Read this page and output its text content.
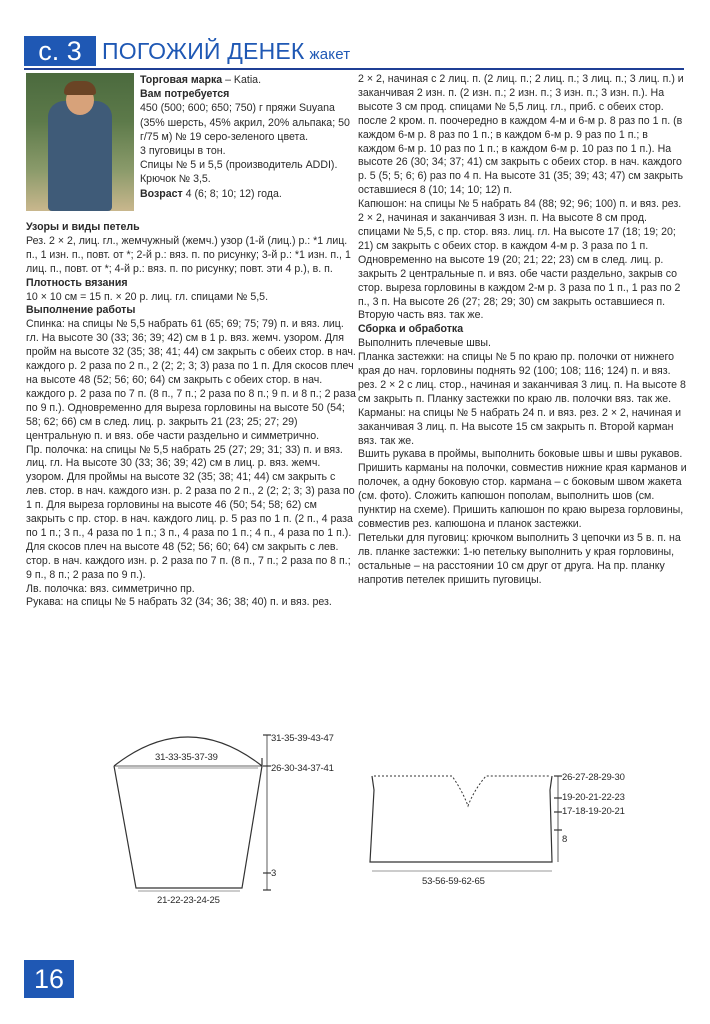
с. 3 ПОГОЖИЙ ДЕНЕК жакет

Торговая марка – Katia.

Вам потребуется

450 (500; 600; 650; 750) г пряжи Suyana (35% шерсть, 45% акрил, 20% альпака; 50 г/75 м) № 19 серо-зеленого цвета.

3 пуговицы в тон.

Спицы № 5 и 5,5 (производитель ADDI).

Крючок № 3,5.

Возраст 4 (6; 8; 10; 12) года.

Узоры и виды петель

Рез. 2 × 2, лиц. гл., жемчужный (жемч.) узор (1-й (лиц.) р.: *1 лиц. п., 1 изн. п., повт. от *; 2-й р.: вяз. п. по рисунку; 3-й р.: *1 изн. п., 1 лиц. п., повт. от *; 4-й р.: вяз. п. по рисунку; повт. эти 4 р.), в. п.

Плотность вязания

10 × 10 см = 15 п. × 20 р. лиц. гл. спицами № 5,5.

Выполнение работы

Спинка: на спицы № 5,5 набрать 61 (65; 69; 75; 79) п. и вяз. лиц. гл. На высоте 30 (33; 36; 39; 42) см в 1 р. вяз. жемч. узором. Для пройм на высоте 32 (35; 38; 41; 44) см закрыть с обеих стор. в нач. каждого р. 2 раза по 2 п., 2 (2; 2; 3; 3) раза по 1 п. Для скосов плеч на высоте 48 (52; 56; 60; 64) см закрыть с обеих стор. в нач. каждого р. 2 раза по 7 п. (8 п., 7 п.; 2 раза по 8 п.; 9 п. и 8 п.; 2 раза по 9 п.). Одновременно для выреза горловины на высоте 50 (54; 58; 62; 66) см в след. лиц. р. закрыть 21 (23; 25; 27; 29) центральную п. и вяз. обе части раздельно и симметрично.

Пр. полочка: на спицы № 5,5 набрать 25 (27; 29; 31; 33) п. и вяз. лиц. гл. На высоте 30 (33; 36; 39; 42) см в лиц. р. вяз. жемч. узором. Для проймы на высоте 32 (35; 38; 41; 44) см закрыть с лев. стор. в нач. каждого изн. р. 2 раза по 2 п., 2 (2; 2; 3; 3) раза по 1 п. Для выреза горловины на высоте 46 (50; 54; 58; 62) см закрыть с пр. стор. в нач. каждого лиц. р. 5 раз по 1 п. (2 п., 4 раза по 1 п.; 3 п., 4 раза по 1 п.; 3 п., 4 раза по 1 п.; 4 п., 4 раза по 1 п.). Для скосов плеч на высоте 48 (52; 56; 60; 64) см закрыть с лев. стор. в нач. каждого изн. р. 2 раза по 7 п. (8 п., 7 п.; 2 раза по 8 п.; 9 п., 8 п.; 2 раза по 9 п.).

Лв. полочка: вяз. симметрично пр.

Рукава: на спицы № 5 набрать 32 (34; 36; 38; 40) п. и вяз. рез.

2 × 2, начиная с 2 лиц. п. (2 лиц. п.; 2 лиц. п.; 3 лиц. п.; 3 лиц. п.) и заканчивая 2 изн. п. (2 изн. п.; 2 изн. п.; 3 изн. п.; 3 изн. п.). На высоте 3 см прод. спицами № 5,5 лиц. гл., приб. с обеих стор. после 2 кром. п. поочередно в каждом 4-м и 6-м р. 8 раз по 1 п. (в каждом 6-м р. 8 раз по 1 п.; в каждом 6-м р. 9 раз по 1 п.; в каждом 6-м р. 10 раз по 1 п.; в каждом 6-м р. 10 раз по 1 п.). На высоте 26 (30; 34; 37; 41) см закрыть с обеих стор. в нач. каждого р. 5 (5; 5; 6; 6) раз по 4 п. На высоте 31 (35; 39; 43; 47) см закрыть оставшиеся 8 (10; 14; 10; 12) п.

Капюшон: на спицы № 5 набрать 84 (88; 92; 96; 100) п. и вяз. рез. 2 × 2, начиная и заканчивая 3 изн. п. На высоте 8 см прод. спицами № 5,5, с пр. стор. вяз. лиц. гл. На высоте 17 (18; 19; 20; 21) см закрыть с обеих стор. в каждом 4-м р. 3 раза по 1 п. Одновременно на высоте 19 (20; 21; 22; 23) см в след. лиц. р. закрыть 2 центральные п. и вяз. обе части раздельно, закрыв со стор. выреза горловины в каждом 2-м р. 3 раза по 1 п., 1 раз по 2 п., 3 п. На высоте 26 (27; 28; 29; 30) см закрыть оставшиеся п. Вторую часть вяз. так же.

Сборка и обработка

Выполнить плечевые швы.

Планка застежки: на спицы № 5 по краю пр. полочки от нижнего края до нач. горловины поднять 92 (100; 108; 116; 124) п. и вяз. рез. 2 × 2 с лиц. стор., начиная и заканчивая 3 лиц. п. На высоте 8 см закрыть п. Планку застежки по краю лв. полочки вяз. так же.

Карманы: на спицы № 5 набрать 24 п. и вяз. рез. 2 × 2, начиная и заканчивая 3 лиц. п. На высоте 15 см закрыть п. Второй карман вяз. так же.

Вшить рукава в проймы, выполнить боковые швы и швы рукавов. Пришить карманы на полочки, совместив нижние края карманов и полочек, а одну боковую стор. кармана – с боковым швом жакета (см. фото). Сложить капюшон пополам, выполнить шов (см. пунктир на схеме). Пришить капюшон по краю выреза горловины, совместив рез. капюшона и планок застежки.

Петельки для пуговиц: крючком выполнить 3 цепочки из 5 в. п. на лв. планке застежки: 1-ю петельку выполнить у края горловины, остальные – на расстоянии 10 см друг от друга. На пр. планку напротив петелек пришить пуговицы.

31-33-35-37-39
21-22-23-24-25
31-35-39-43-47
26-30-34-37-41
3
53-56-59-62-65
26-27-28-29-30
19-20-21-22-23
17-18-19-20-21
8
16
